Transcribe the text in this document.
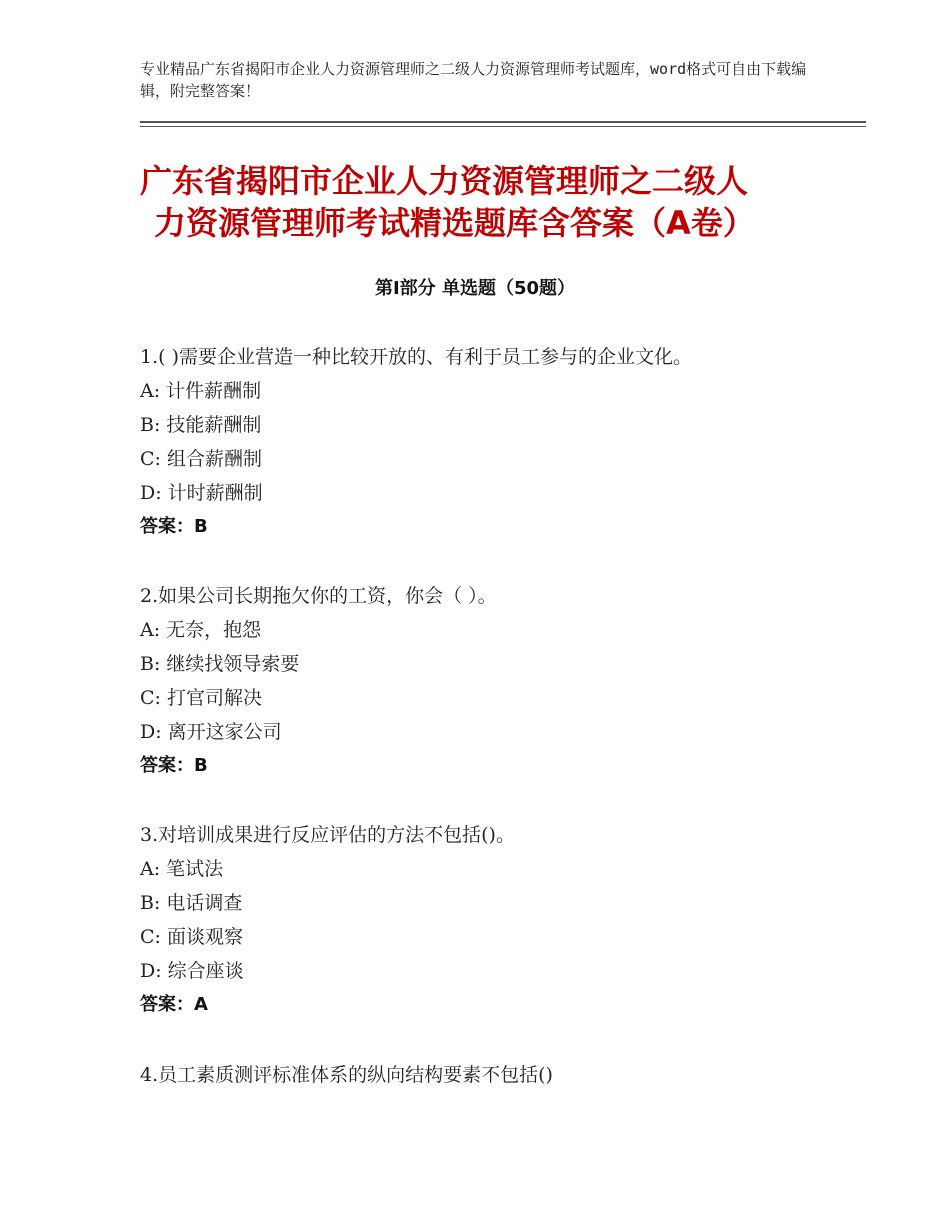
专业精品广东省揭阳市企业人力资源管理师之二级人力资源管理师考试题库，word格式可自由下载编辑，附完整答案！
广东省揭阳市企业人力资源管理师之二级人
力资源管理师考试精选题库含答案（A卷）
第Ⅰ部分 单选题（50题）
1.( )需要企业营造一种比较开放的、有利于员工参与的企业文化。
A: 计件薪酬制
B: 技能薪酬制
C: 组合薪酬制
D: 计时薪酬制
答案：B
2.如果公司长期拖欠你的工资，你会（ ）。
A: 无奈，抱怨
B: 继续找领导索要
C: 打官司解决
D: 离开这家公司
答案：B
3.对培训成果进行反应评估的方法不包括()。
A: 笔试法
B: 电话调查
C: 面谈观察
D: 综合座谈
答案：A
4.员工素质测评标准体系的纵向结构要素不包括()
